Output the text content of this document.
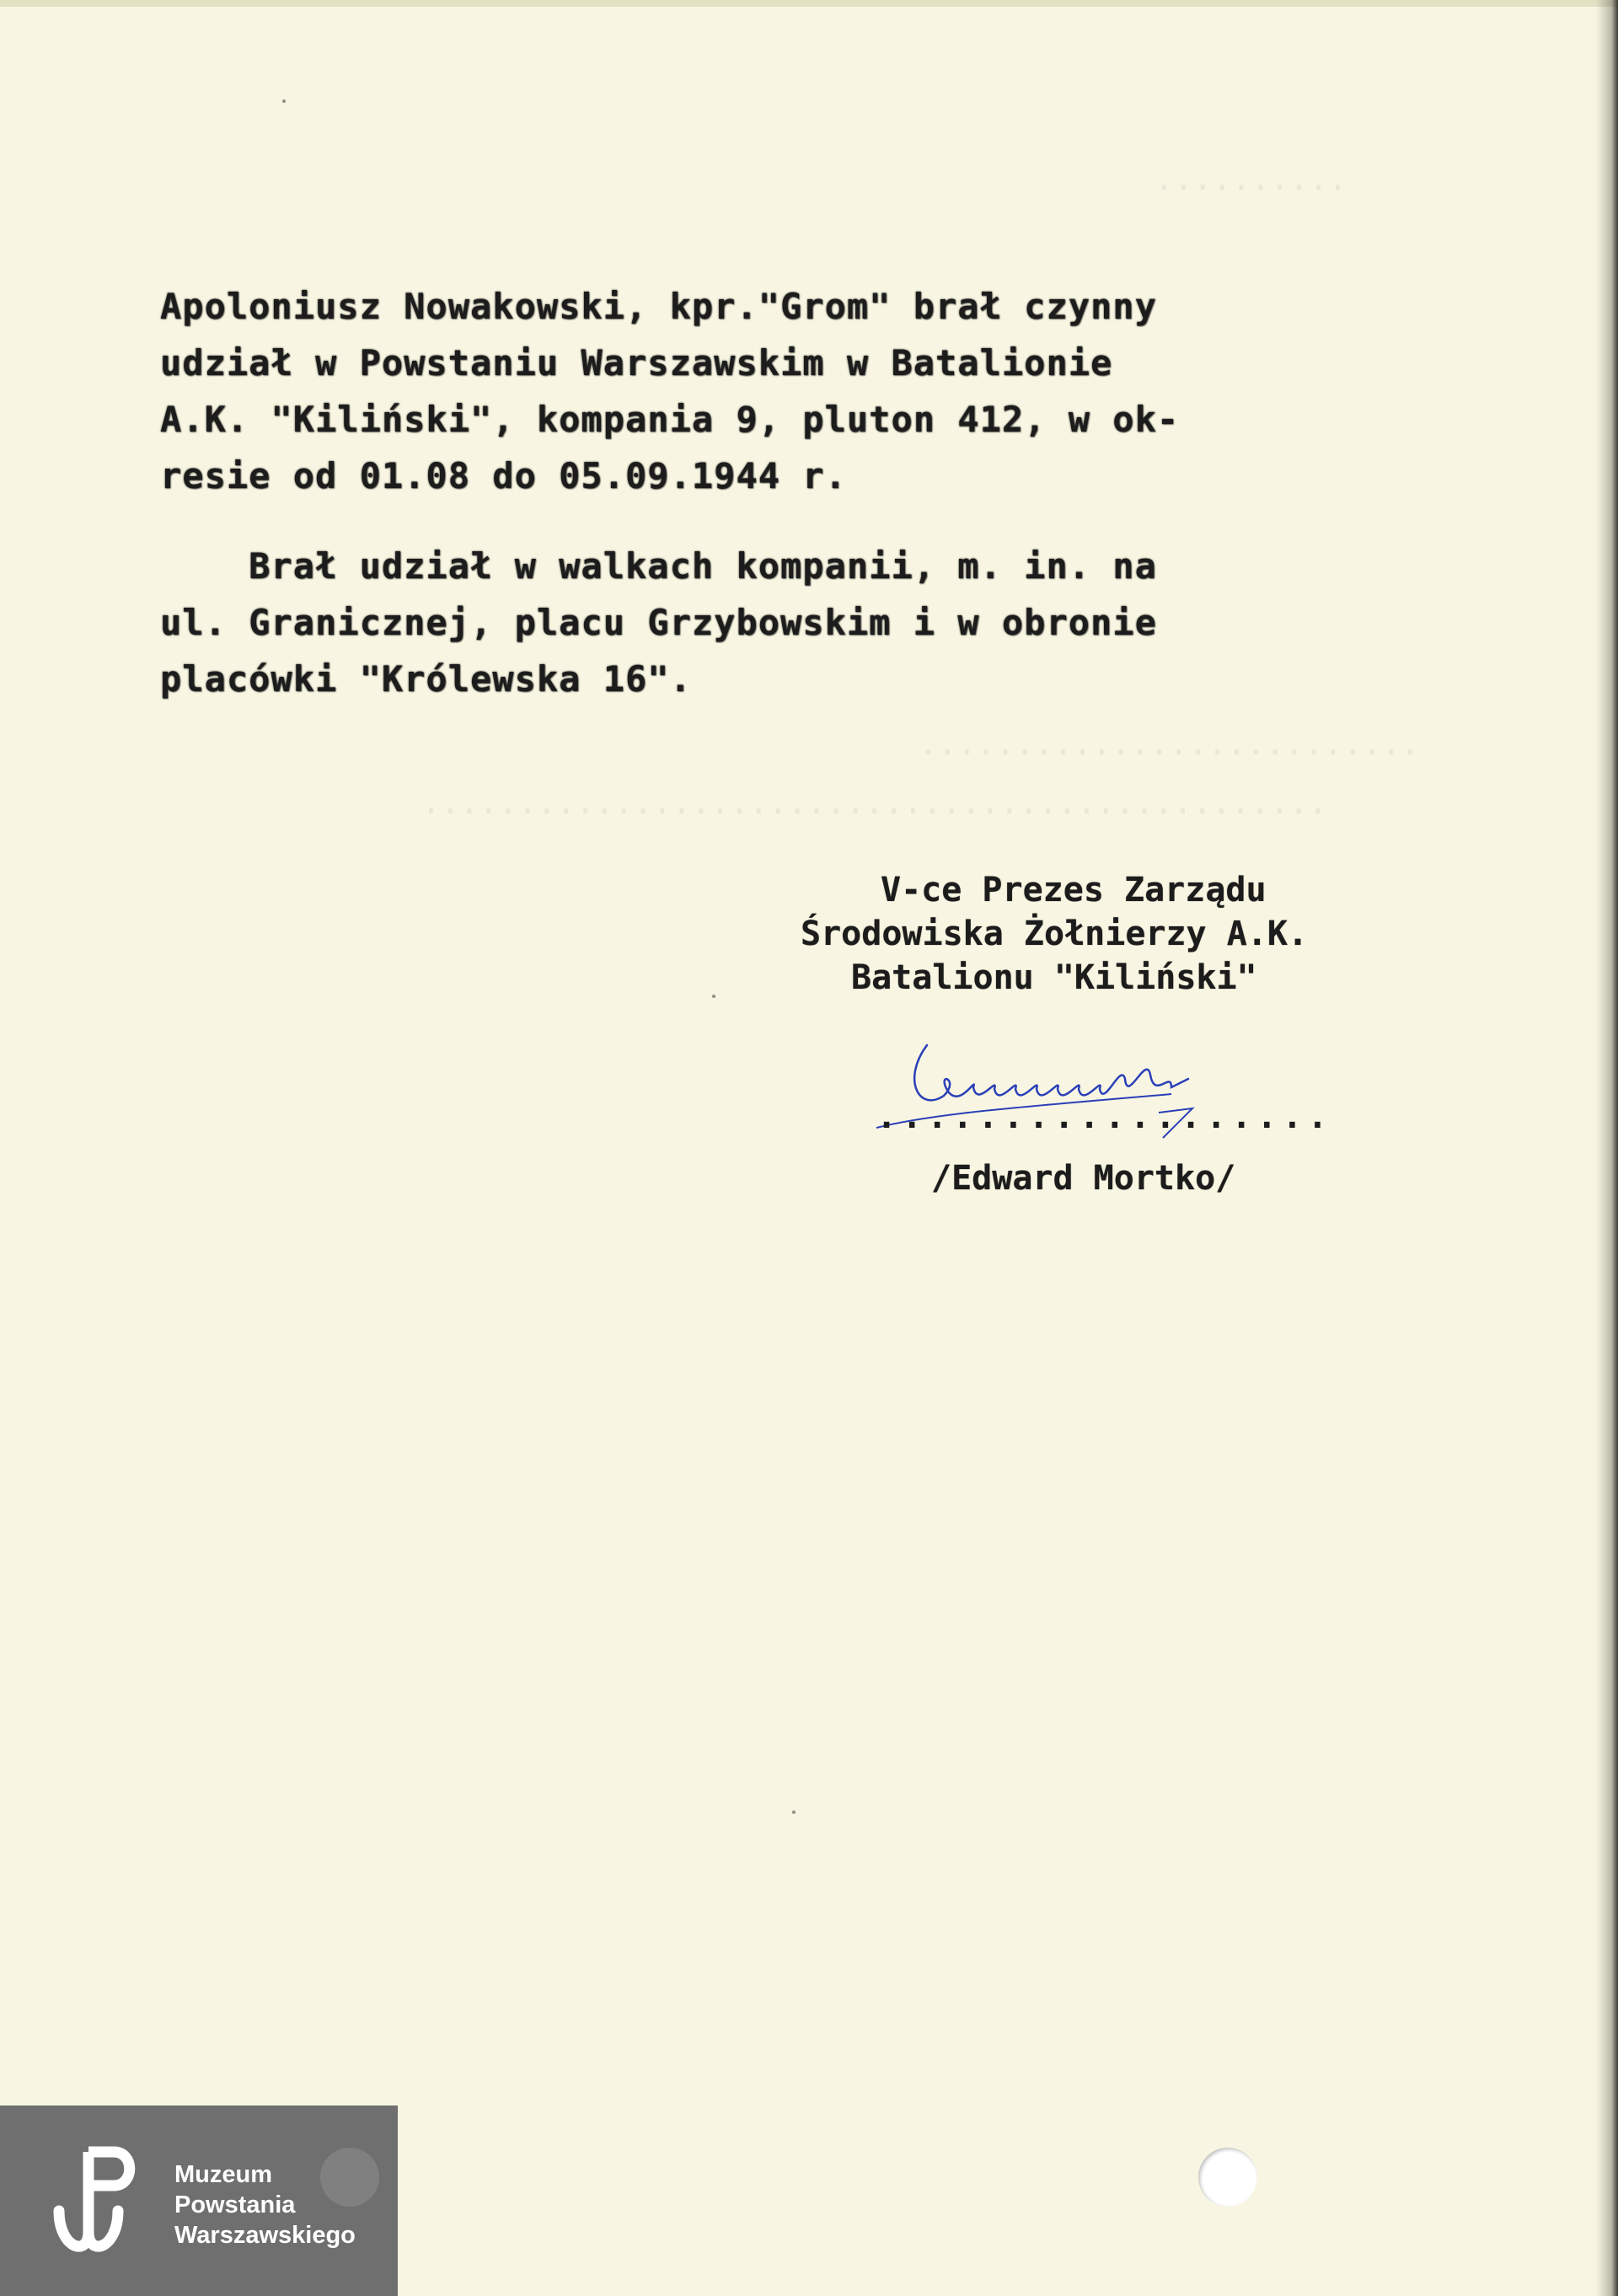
..........
..........................
...............................................
Apoloniusz Nowakowski, kpr."Grom" brał czynny
udział w Powstaniu Warszawskim w Batalionie
A.K. "Kiliński", kompania 9, pluton 412, w ok-
resie od 01.08 do 05.09.1944 r.
Brał udział w walkach kompanii, m. in. na
ul. Granicznej, placu Grzybowskim i w obronie
placówki "Królewska 16".
V-ce Prezes Zarządu
Środowiska Żołnierzy A.K.
Batalionu "Kiliński"
..................
/Edward Mortko/
Muzeum
Powstania
Warszawskiego
